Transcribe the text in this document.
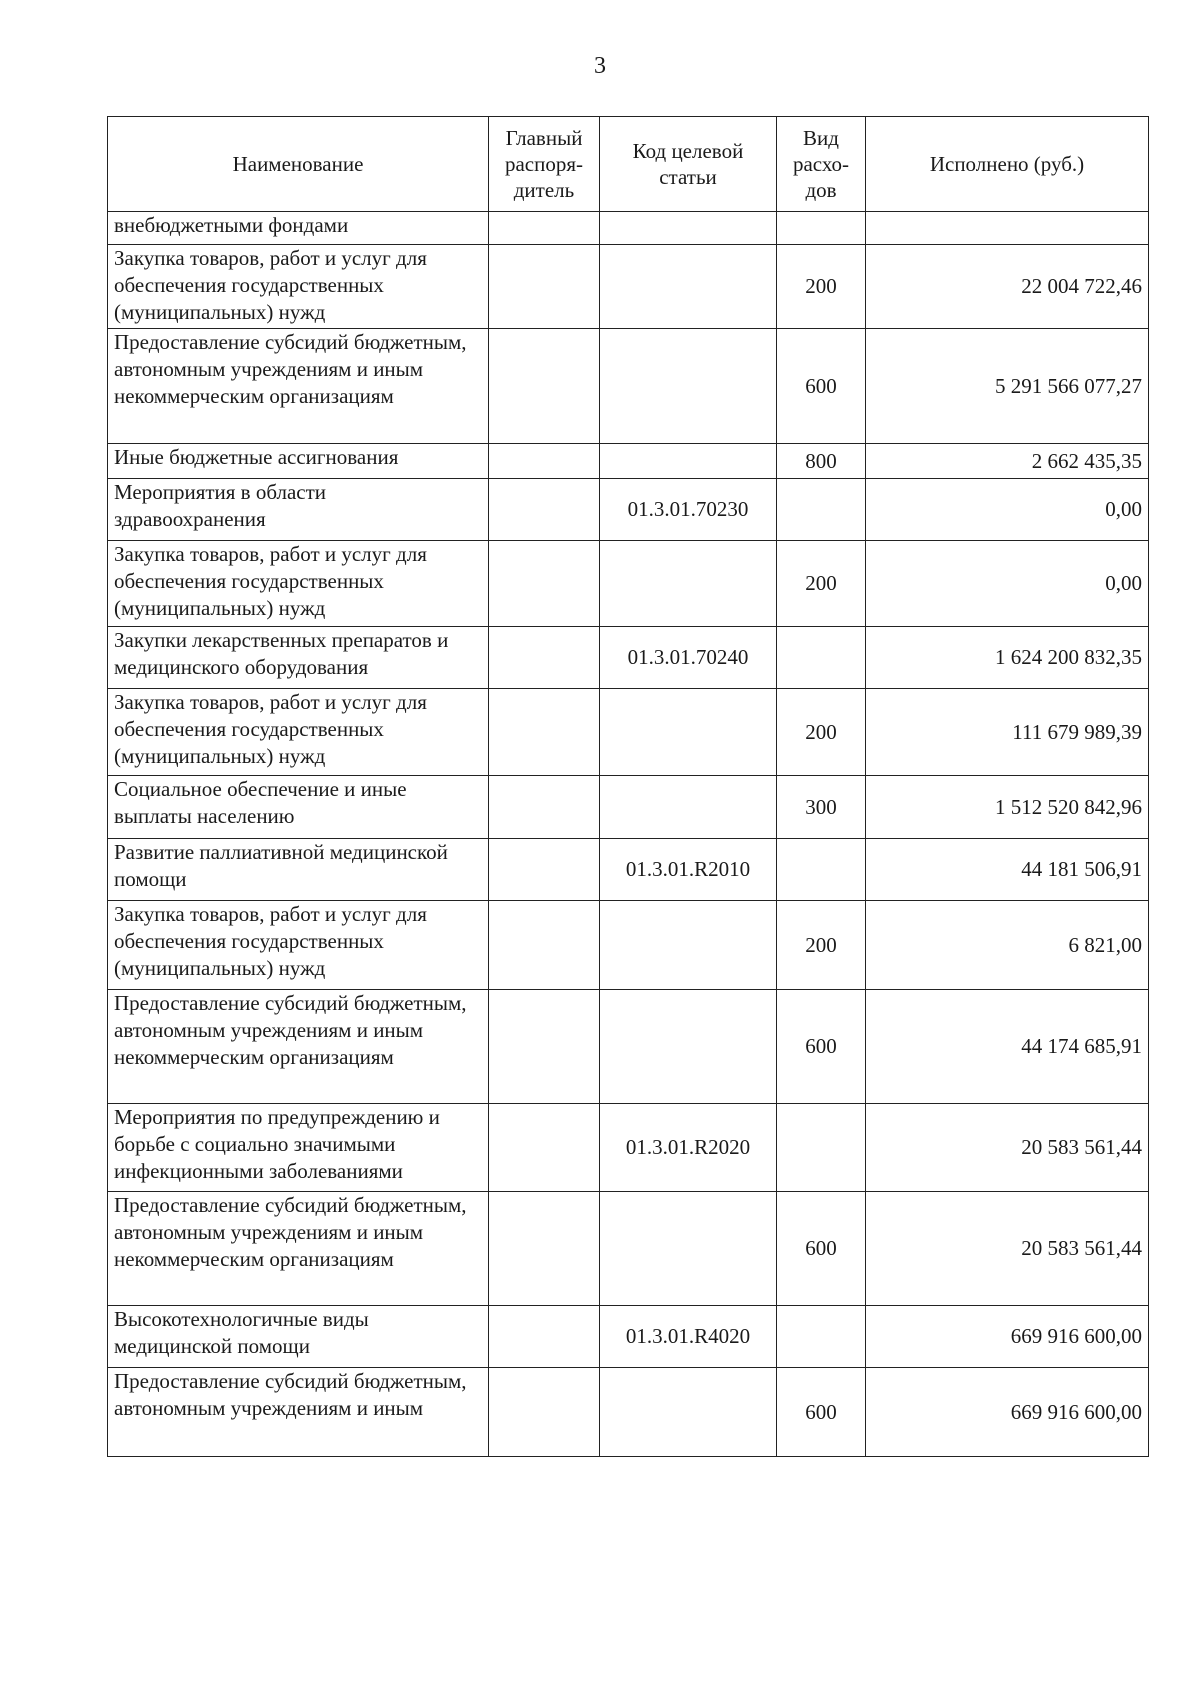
3
Наименование	Главный распоря-дитель	Код целевой статьи	Вид расхо-дов	Исполнено (руб.)
внебюджетными фондами				
Закупка товаров, работ и услуг для обеспечения государственных (муниципальных) нужд			200	22 004 722,46
Предоставление субсидий бюджетным, автономным учреждениям и иным некоммерческим организациям			600	5 291 566 077,27
Иные бюджетные ассигнования			800	2 662 435,35
Мероприятия в области здравоохранения		01.3.01.70230		0,00
Закупка товаров, работ и услуг для обеспечения государственных (муниципальных) нужд			200	0,00
Закупки лекарственных препаратов и медицинского оборудования		01.3.01.70240		1 624 200 832,35
Закупка товаров, работ и услуг для обеспечения государственных (муниципальных) нужд			200	111 679 989,39
Социальное обеспечение и иные выплаты населению			300	1 512 520 842,96
Развитие паллиативной медицинской помощи		01.3.01.R2010		44 181 506,91
Закупка товаров, работ и услуг для обеспечения государственных (муниципальных) нужд			200	6 821,00
Предоставление субсидий бюджетным, автономным учреждениям и иным некоммерческим организациям			600	44 174 685,91
Мероприятия по предупреждению и борьбе с социально значимыми инфекционными заболеваниями		01.3.01.R2020		20 583 561,44
Предоставление субсидий бюджетным, автономным учреждениям и иным некоммерческим организациям			600	20 583 561,44
Высокотехнологичные виды медицинской помощи		01.3.01.R4020		669 916 600,00
Предоставление субсидий бюджетным, автономным учреждениям и иным			600	669 916 600,00
